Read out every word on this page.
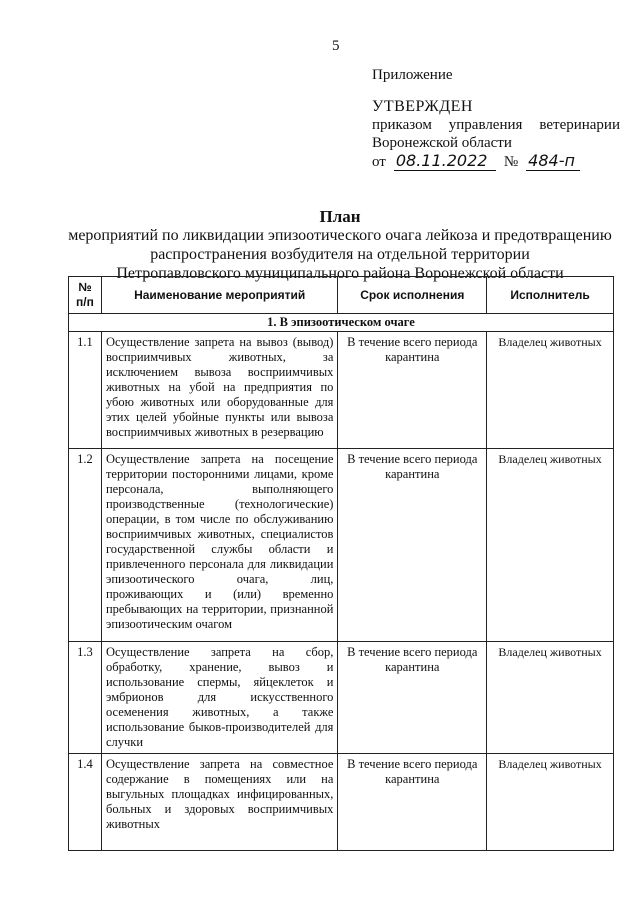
5
Приложение
УТВЕРЖДЕН
приказом управления ветеринарии
Воронежской области
от 08.11.2022	№ 484-п
План
мероприятий по ликвидации эпизоотического очага лейкоза и предотвращению
распространения возбудителя на отдельной территории
Петропавловского муниципального района Воронежской области
№ п/п	Наименование мероприятий	Срок исполнения	Исполнитель
1. В эпизоотическом очаге			
1.1	Осуществление запрета на вывоз (вывод) восприимчивых животных, за исключением вывоза восприимчивых животных на убой на предприятия по убою животных или оборудованные для этих целей убойные пункты или вывоза восприимчивых животных в резервацию	В течение всего периода карантина	Владелец животных
1.2	Осуществление запрета на посещение территории посторонними лицами, кроме персонала, выполняющего производственные (технологические) операции, в том числе по обслуживанию восприимчивых животных, специалистов государственной службы области и привлеченного персонала для ликвидации эпизоотического очага, лиц, проживающих и (или) временно пребывающих на территории, признанной эпизоотическим очагом	В течение всего периода карантина	Владелец животных
1.3	Осуществление запрета на сбор, обработку, хранение, вывоз и использование спермы, яйцеклеток и эмбрионов для искусственного осеменения животных, а также использование быков-производителей для случки	В течение всего периода карантина	Владелец животных
1.4	Осуществление запрета на совместное содержание в помещениях или на выгульных площадках инфицированных, больных и здоровых восприимчивых животных	В течение всего периода карантина	Владелец животных
